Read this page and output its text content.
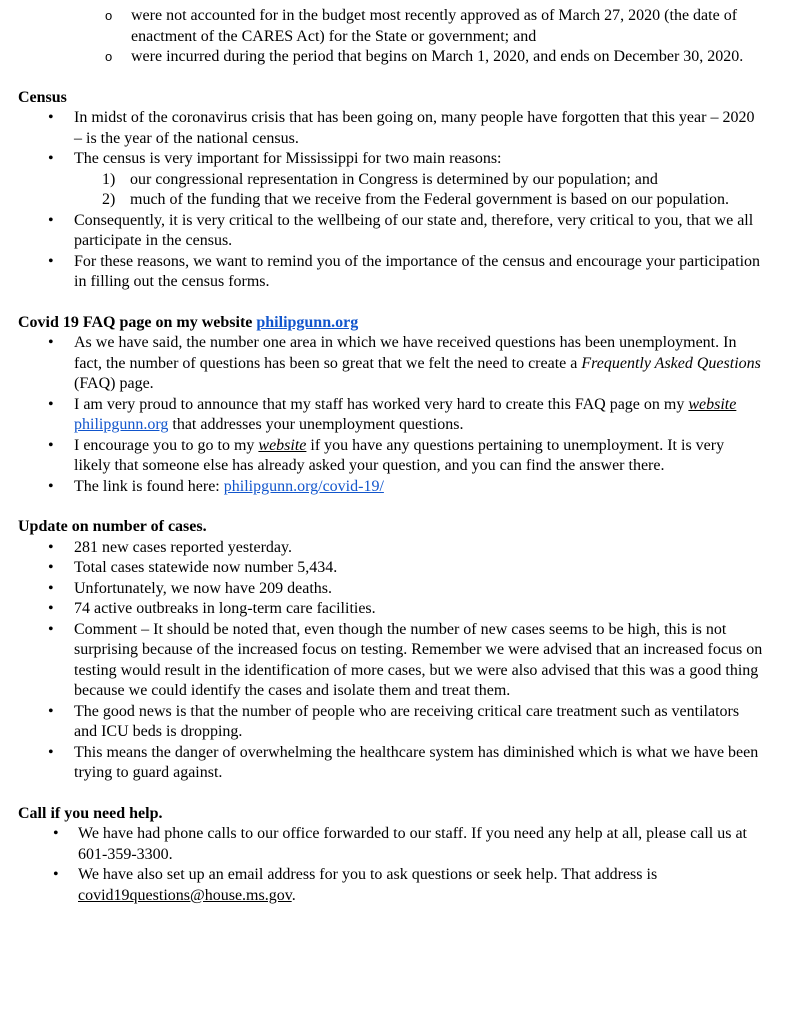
o were not accounted for in the budget most recently approved as of March 27, 2020 (the date of enactment of the CARES Act) for the State or government; and
o were incurred during the period that begins on March 1, 2020, and ends on December 30, 2020.
Census
• In midst of the coronavirus crisis that has been going on, many people have forgotten that this year – 2020 – is the year of the national census.
• The census is very important for Mississippi for two main reasons:
1) our congressional representation in Congress is determined by our population; and
2) much of the funding that we receive from the Federal government is based on our population.
• Consequently, it is very critical to the wellbeing of our state and, therefore, very critical to you, that we all participate in the census.
• For these reasons, we want to remind you of the importance of the census and encourage your participation in filling out the census forms.
Covid 19 FAQ page on my website philipgunn.org
• As we have said, the number one area in which we have received questions has been unemployment. In fact, the number of questions has been so great that we felt the need to create a Frequently Asked Questions (FAQ) page.
• I am very proud to announce that my staff has worked very hard to create this FAQ page on my website philipgunn.org that addresses your unemployment questions.
• I encourage you to go to my website if you have any questions pertaining to unemployment. It is very likely that someone else has already asked your question, and you can find the answer there.
• The link is found here: philipgunn.org/covid-19/
Update on number of cases.
• 281 new cases reported yesterday.
• Total cases statewide now number 5,434.
• Unfortunately, we now have 209 deaths.
• 74 active outbreaks in long-term care facilities.
• Comment – It should be noted that, even though the number of new cases seems to be high, this is not surprising because of the increased focus on testing. Remember we were advised that an increased focus on testing would result in the identification of more cases, but we were also advised that this was a good thing because we could identify the cases and isolate them and treat them.
• The good news is that the number of people who are receiving critical care treatment such as ventilators and ICU beds is dropping.
• This means the danger of overwhelming the healthcare system has diminished which is what we have been trying to guard against.
Call if you need help.
• We have had phone calls to our office forwarded to our staff. If you need any help at all, please call us at 601-359-3300.
• We have also set up an email address for you to ask questions or seek help. That address is covid19questions@house.ms.gov.
